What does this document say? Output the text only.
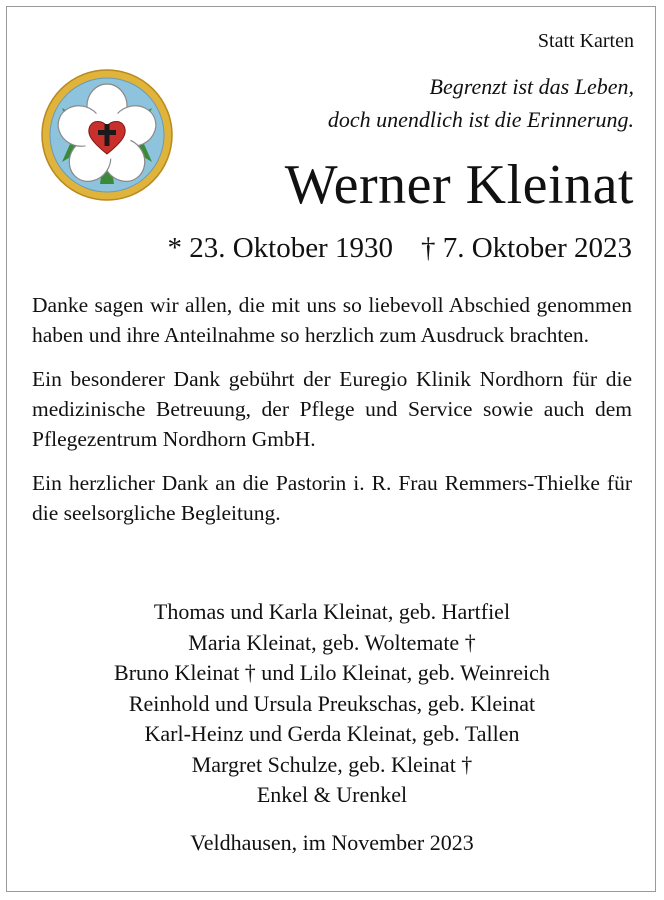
Statt Karten
Begrenzt ist das Leben,
doch unendlich ist die Erinnerung.
Werner Kleinat
* 23. Oktober 1930 † 7. Oktober 2023

Danke sagen wir allen, die mit uns so liebevoll Abschied genommen haben und ihre Anteilnahme so herzlich zum Ausdruck brachten.

Ein besonderer Dank gebührt der Euregio Klinik Nordhorn für die medizinische Betreuung, der Pflege und Service sowie auch dem Pflegezentrum Nordhorn GmbH.

Ein herzlicher Dank an die Pastorin i. R. Frau Remmers-Thielke für die seelsorgliche Begleitung.

Thomas und Karla Kleinat, geb. Hartfiel
Maria Kleinat, geb. Woltemate †
Bruno Kleinat † und Lilo Kleinat, geb. Weinreich
Reinhold und Ursula Preukschas, geb. Kleinat
Karl-Heinz und Gerda Kleinat, geb. Tallen
Margret Schulze, geb. Kleinat †
Enkel & Urenkel
Veldhausen, im November 2023
